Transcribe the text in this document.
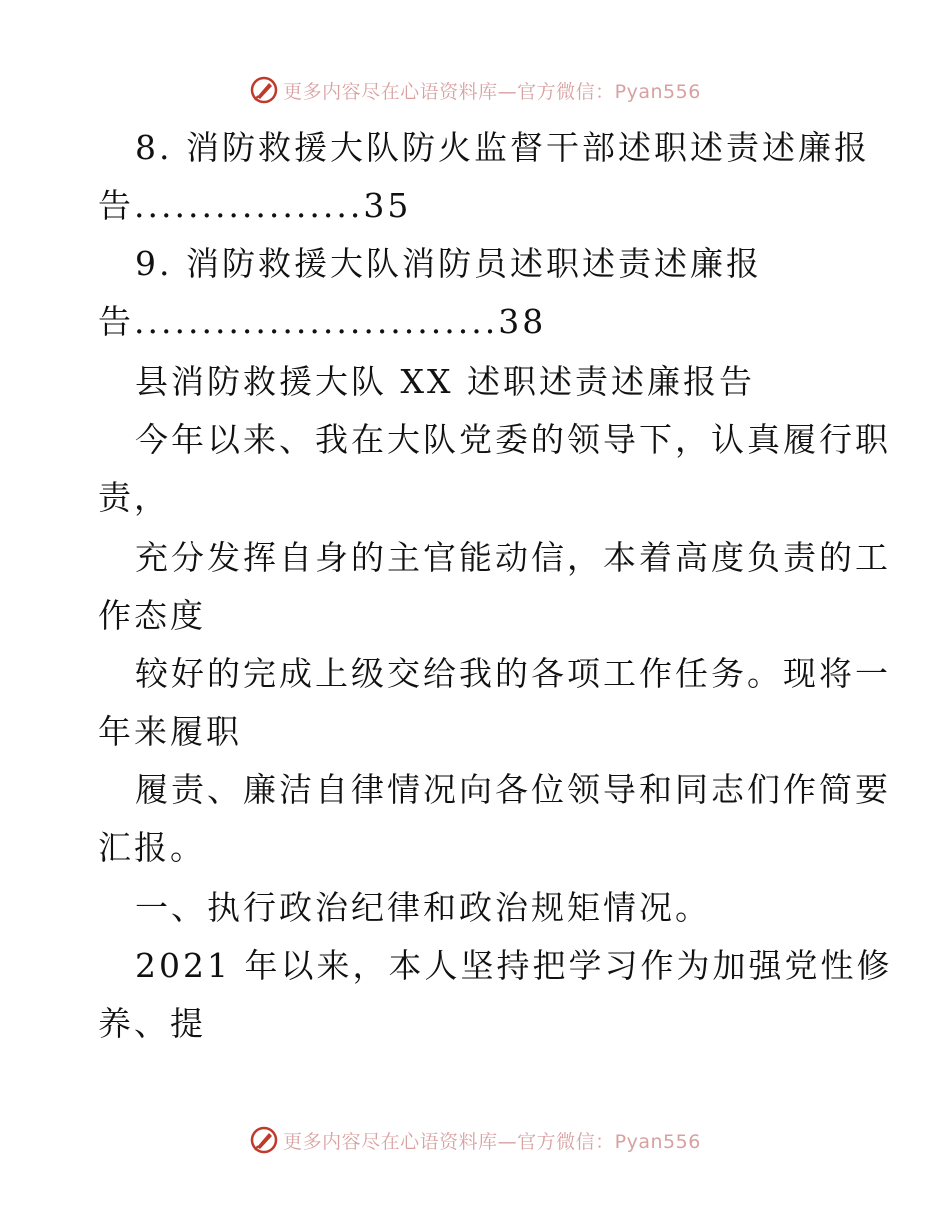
更多内容尽在心语资料库—官方微信：Pyan556
8. 消防救援大队防火监督干部述职述责述廉报
告.................35
9. 消防救援大队消防员述职述责述廉报
告...........................38
县消防救援大队 XX 述职述责述廉报告
今年以来、我在大队党委的领导下，认真履行职
责，
充分发挥自身的主官能动信，本着高度负责的工
作态度
较好的完成上级交给我的各项工作任务。现将一
年来履职
履责、廉洁自律情况向各位领导和同志们作简要
汇报。
一、执行政治纪律和政治规矩情况。
2021 年以来，本人坚持把学习作为加强党性修
养、提
更多内容尽在心语资料库—官方微信：Pyan556
